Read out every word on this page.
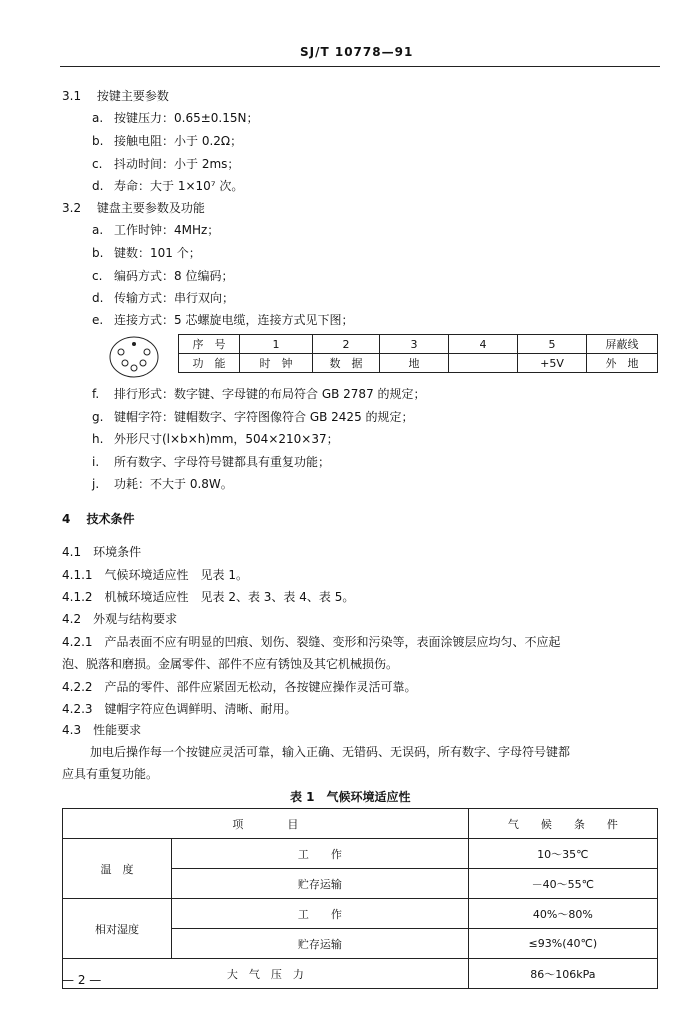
SJ/T 10778—91
3.1 按键主要参数
a. 按键压力：0.65±0.15N；
b. 接触电阻：小于 0.2Ω；
c. 抖动时间：小于 2ms；
d. 寿命：大于 1×10⁷ 次。
3.2 键盘主要参数及功能
a. 工作时钟：4MHz；
b. 键数：101 个；
c. 编码方式：8 位编码；
d. 传输方式：串行双向；
e. 连接方式：5 芯螺旋电缆，连接方式见下图；
序　号	1	2	3	4	5	屏蔽线
功　能	时　钟	数　据	地		+5V	外　地
f. 排行形式：数字键、字母键的布局符合 GB 2787 的规定；
g. 键帽字符：键帽数字、字符图像符合 GB 2425 的规定；
h. 外形尺寸(l×b×h)mm，504×210×37；
i. 所有数字、字母符号键都具有重复功能；
j. 功耗：不大于 0.8W。
4 技术条件
4.1　环境条件
4.1.1　气候环境适应性　见表 1。
4.1.2　机械环境适应性　见表 2、表 3、表 4、表 5。
4.2　外观与结构要求
4.2.1　产品表面不应有明显的凹痕、划伤、裂缝、变形和污染等，表面涂镀层应均匀、不应起
泡、脱落和磨损。金属零件、部件不应有锈蚀及其它机械损伤。
4.2.2　产品的零件、部件应紧固无松动，各按键应操作灵活可靠。
4.2.3　键帽字符应色调鲜明、清晰、耐用。
4.3　性能要求
加电后操作每一个按键应灵活可靠，输入正确、无错码、无误码，所有数字、字母符号键都
应具有重复功能。
表 1　气候环境适应性
项　　　　目		气　　候　　条　　件
温　度	工　　作	10～35℃
	贮存运输	－40～55℃
相对湿度	工　　作	40%～80%
	贮存运输	≤93%(40℃)
大　气　压　力		86～106kPa
— 2 —
